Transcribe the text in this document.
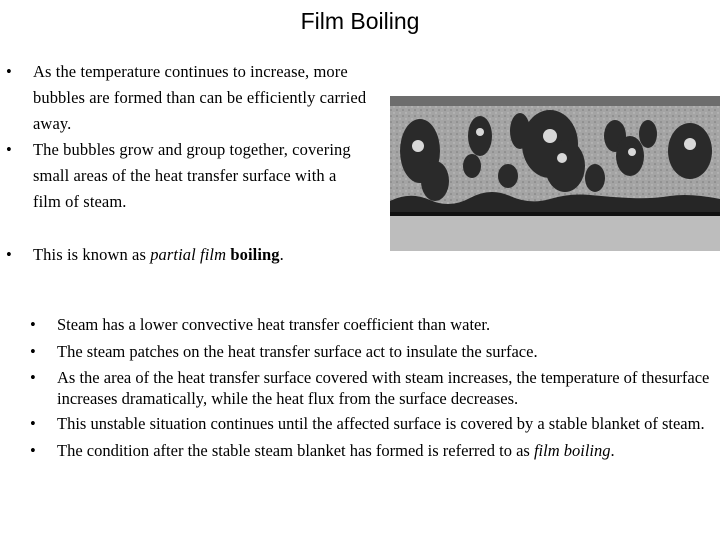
Film Boiling
• As the temperature continues to increase, more bubbles are formed than can be efficiently carried away.
• The bubbles grow and group together, covering small areas of the heat transfer surface with a film of steam.
• This is known as partial film boiling.
• Steam has a lower convective heat transfer coefficient than water.
• The steam patches on the heat transfer surface act to insulate the surface.
• As the area of the heat transfer surface covered with steam increases, the temperature of thesurface increases dramatically, while the heat flux from the surface decreases.
• This unstable situation continues until the affected surface is covered by a stable blanket of steam.
• The condition after the stable steam blanket has formed is referred to as film boiling.
